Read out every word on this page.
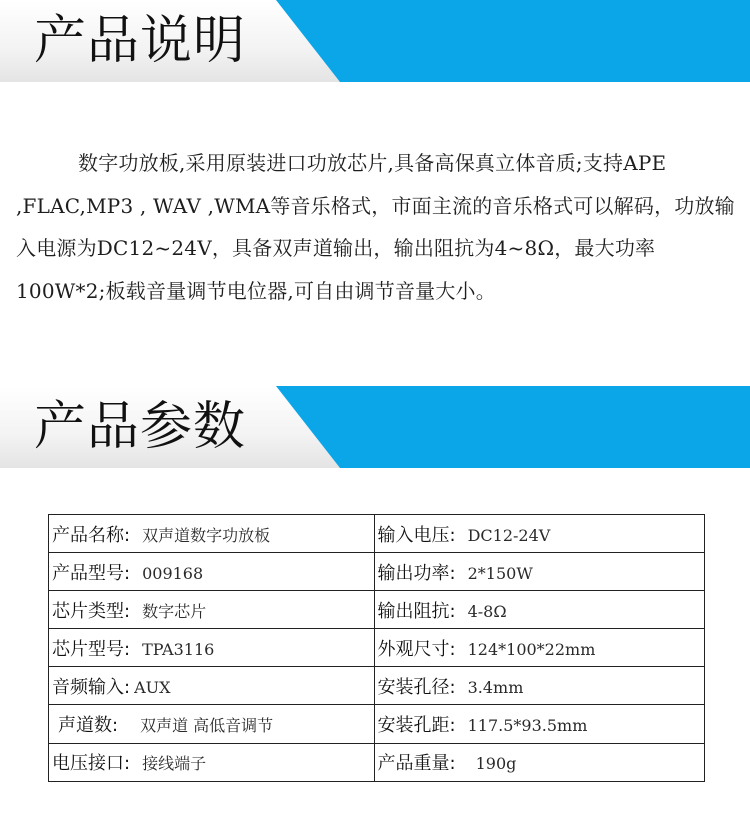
产品说明

数字功放板,采用原装进口功放芯片,具备高保真立体音质;支持APE ,FLAC,MP3 , WAV ,WMA等音乐格式，市面主流的音乐格式可以解码，功放输入电源为DC12~24V，具备双声道输出，输出阻抗为4~8Ω，最大功率100W*2;板载音量调节电位器,可自由调节音量大小。

产品参数
产品名称: 双声道数字功放板	输入电压: DC12-24V
产品型号: 009168	输出功率: 2*150W
芯片类型: 数字芯片	输出阻抗: 4-8Ω
芯片型号: TPA3116	外观尺寸: 124*100*22mm
音频输入: AUX	安装孔径: 3.4mm
声道数: 双声道 高低音调节	安装孔距: 117.5*93.5mm
电压接口: 接线端子	产品重量: 190g
